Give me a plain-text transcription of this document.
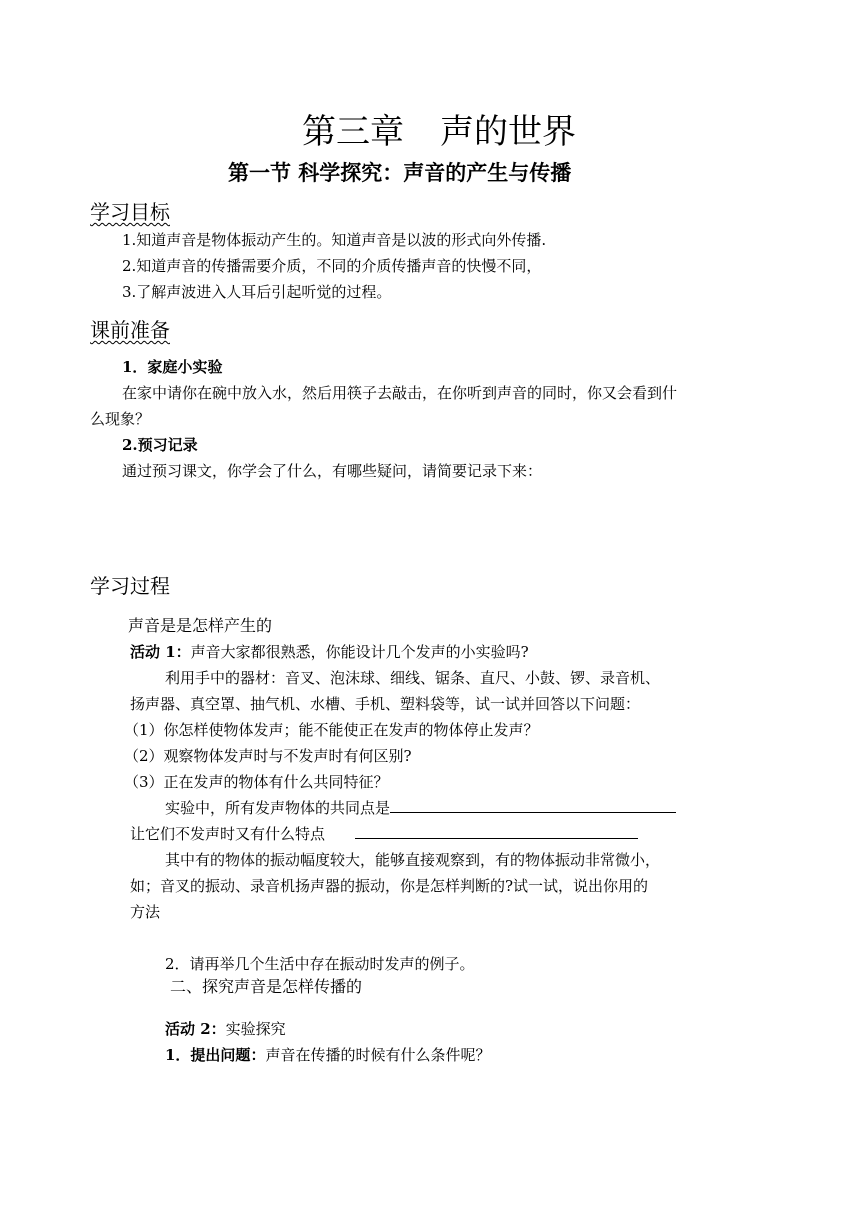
第三章 声的世界
第一节 科学探究：声音的产生与传播
学习目标
1.知道声音是物体振动产生的。知道声音是以波的形式向外传播.
2.知道声音的传播需要介质，不同的介质传播声音的快慢不同，
3.了解声波进入人耳后引起听觉的过程。
课前准备
1．家庭小实验
在家中请你在碗中放入水，然后用筷子去敲击，在你听到声音的同时，你又会看到什
么现象？
2.预习记录
通过预习课文，你学会了什么，有哪些疑问，请简要记录下来：
学习过程
声音是是怎样产生的
活动 1：声音大家都很熟悉，你能设计几个发声的小实验吗?
利用手中的器材：音叉、泡沫球、细线、锯条、直尺、小鼓、锣、录音机、
扬声器、真空罩、抽气机、水槽、手机、塑料袋等，试一试并回答以下问题：
（1）你怎样使物体发声；能不能使正在发声的物体停止发声？
（2）观察物体发声时与不发声时有何区别?
（3）正在发声的物体有什么共同特征？
实验中，所有发声物体的共同点是
让它们不发声时又有什么特点
其中有的物体的振动幅度较大，能够直接观察到，有的物体振动非常微小，
如；音叉的振动、录音机扬声器的振动，你是怎样判断的?试一试，说出你用的
方法
2．请再举几个生活中存在振动时发声的例子。
二、探究声音是怎样传播的
活动 2：实验探究
1．提出问题：声音在传播的时候有什么条件呢？
